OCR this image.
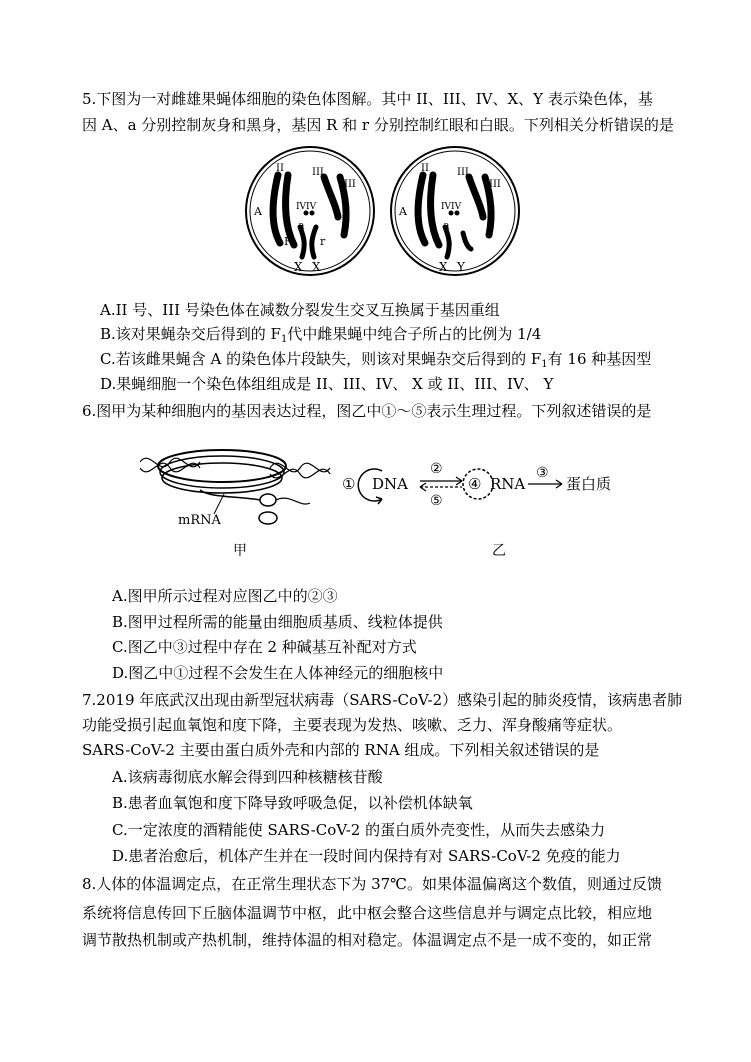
5.下图为一对雌雄果蝇体细胞的染色体图解。其中 II、III、IV、X、Y 表示染色体，基
因 A、a 分别控制灰身和黑身，基因 R 和 r 分别控制红眼和白眼。下列相关分析错误的是
II	III
III
IVIV
A
a
R	r
X X
II	III
III
IVIV
A
a
r
X Y
A.II 号、III 号染色体在减数分裂发生交叉互换属于基因重组
B.该对果蝇杂交后得到的 $F_1$代中雌果蝇中纯合子所占的比例为 1/4
C.若该雌果蝇含 A 的染色体片段缺失，则该对果蝇杂交后得到的 $F_1$有 16 种基因型
D.果蝇细胞一个染色体组组成是 II、III、IV、 X 或 II、III、IV、 Y
6.图甲为某种细胞内的基因表达过程，图乙中①～⑤表示生理过程。下列叙述错误的是
mRNA
甲
① DNA
②
⑤
④ RNA
③
蛋白质
乙
A.图甲所示过程对应图乙中的②③
B.图甲过程所需的能量由细胞质基质、线粒体提供
C.图乙中③过程中存在 2 种碱基互补配对方式
D.图乙中①过程不会发生在人体神经元的细胞核中
7.2019 年底武汉出现由新型冠状病毒（SARS-CoV-2）感染引起的肺炎疫情，该病患者肺
功能受损引起血氧饱和度下降，主要表现为发热、咳嗽、乏力、浑身酸痛等症状。
SARS-CoV-2 主要由蛋白质外壳和内部的 RNA 组成。下列相关叙述错误的是
A.该病毒彻底水解会得到四种核糖核苷酸
B.患者血氧饱和度下降导致呼吸急促，以补偿机体缺氧
C.一定浓度的酒精能使 SARS-CoV-2 的蛋白质外壳变性，从而失去感染力
D.患者治愈后，机体产生并在一段时间内保持有对 SARS-CoV-2 免疫的能力
8.人体的体温调定点，在正常生理状态下为 37℃。如果体温偏离这个数值，则通过反馈
系统将信息传回下丘脑体温调节中枢，此中枢会整合这些信息并与调定点比较，相应地
调节散热机制或产热机制，维持体温的相对稳定。体温调定点不是一成不变的，如正常
